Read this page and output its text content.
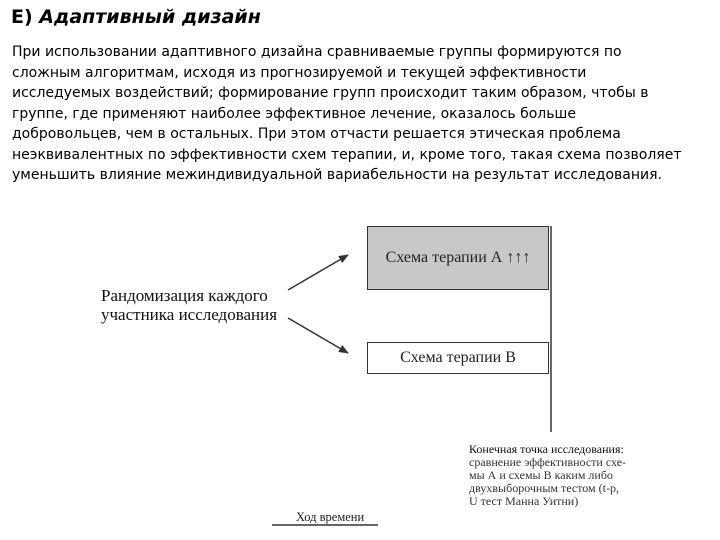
E) Адаптивный дизайн
При использовании адаптивного дизайна сравниваемые группы формируются по
сложным алгоритмам, исходя из прогнозируемой и текущей эффективности
исследуемых воздействий; формирование групп происходит таким образом, чтобы в
группе, где применяют наиболее эффективное лечение, оказалось больше
добровольцев, чем в остальных. При этом отчасти решается этическая проблема
неэквивалентных по эффективности схем терапии, и, кроме того, такая схема позволяет
уменьшить влияние межиндивидуальной вариабельности на результат исследования.
Рандомизация каждого
участника исследования
Схема терапии А ↑↑↑
Схема терапии В
Конечная точка исследования:
сравнение эффективности схе-
мы А и схемы В каким либо
двухвыборочным тестом (t-р,
U тест Манна Уитни)
Ход времени
